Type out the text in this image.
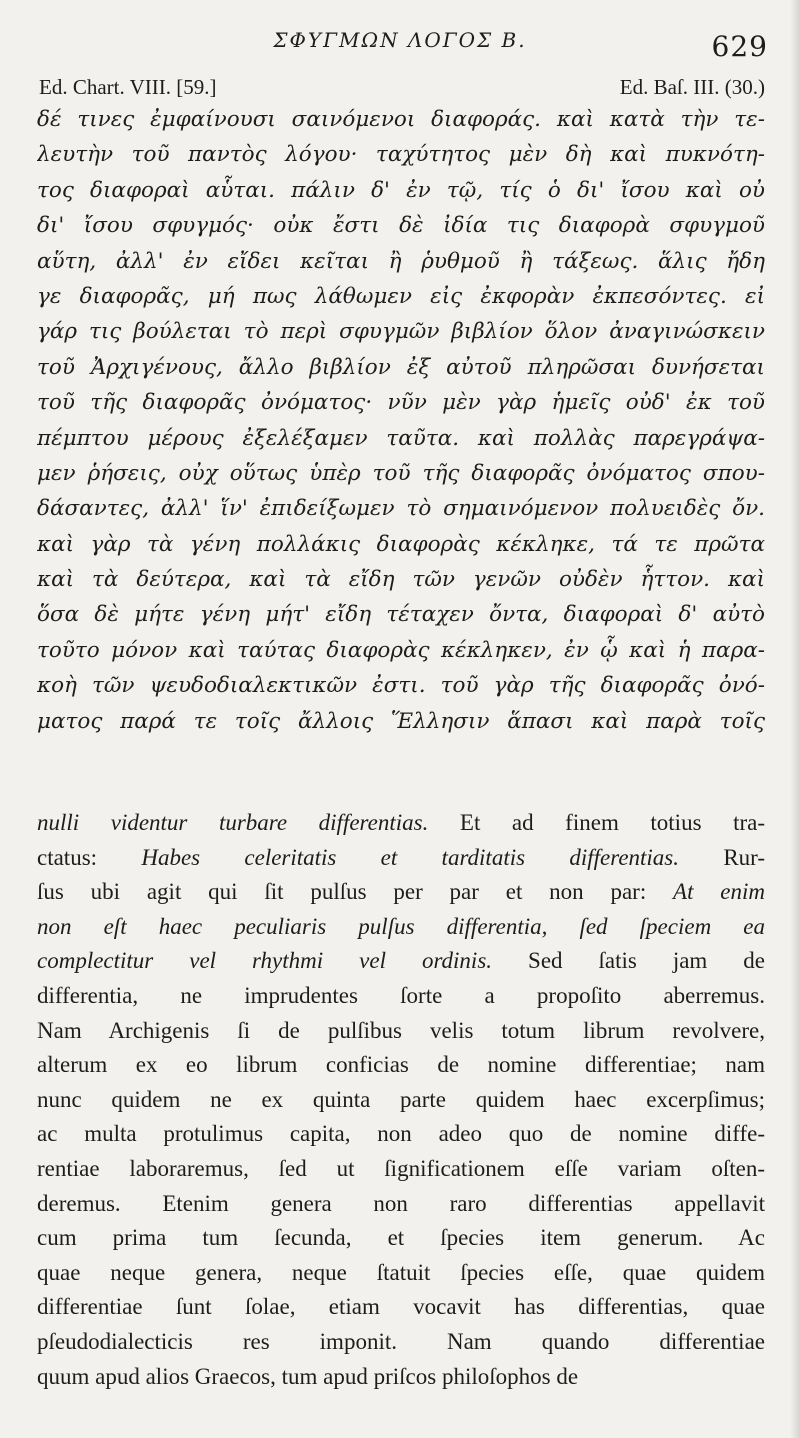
ΣΦΥΓΜΩΝ ΛΟΓΟΣ Β.	629
Ed. Chart. VIII. [59.]	Ed. Baſ. III. (30.)
δέ τινες ἐμφαίνουσι σαινόμενοι διαφοράς. καὶ κατὰ τὴν τε-
λευτὴν τοῦ παντὸς λόγου· ταχύτητος μὲν δὴ καὶ πυκνότη-
τος διαφοραὶ αὗται. πάλιν δ' ἐν τῷ, τίς ὁ δι' ἴσου καὶ οὐ
δι' ἴσου σφυγμός· οὐκ ἔστι δὲ ἰδία τις διαφορὰ σφυγμοῦ
αὕτη, ἀλλ' ἐν εἴδει κεῖται ἢ ῥυθμοῦ ἢ τάξεως. ἅλις ἤδη
γε διαφορᾶς, μή πως λάθωμεν εἰς ἐκφορὰν ἐκπεσόντες. εἰ
γάρ τις βούλεται τὸ περὶ σφυγμῶν βιβλίον ὅλον ἀναγινώσκειν
τοῦ Ἀρχιγένους, ἄλλο βιβλίον ἐξ αὐτοῦ πληρῶσαι δυνήσεται
τοῦ τῆς διαφορᾶς ὀνόματος· νῦν μὲν γὰρ ἡμεῖς οὐδ' ἐκ τοῦ
πέμπτου μέρους ἐξελέξαμεν ταῦτα. καὶ πολλὰς παρεγράψα-
μεν ῥήσεις, οὐχ οὕτως ὑπὲρ τοῦ τῆς διαφορᾶς ὀνόματος σπου-
δάσαντες, ἀλλ' ἵν' ἐπιδείξωμεν τὸ σημαινόμενον πολυειδὲς ὄν.
καὶ γὰρ τὰ γένη πολλάκις διαφορὰς κέκληκε, τά τε πρῶτα
καὶ τὰ δεύτερα, καὶ τὰ εἴδη τῶν γενῶν οὐδὲν ἧττον. καὶ
ὅσα δὲ μήτε γένη μήτ' εἴδη τέταχεν ὄντα, διαφοραὶ δ' αὐτὸ
τοῦτο μόνον καὶ ταύτας διαφορὰς κέκληκεν, ἐν ᾧ καὶ ἡ παρα-
κοὴ τῶν ψευδοδιαλεκτικῶν ἐστι. τοῦ γὰρ τῆς διαφορᾶς ὀνό-
ματος παρά τε τοῖς ἄλλοις Ἕλλησιν ἅπασι καὶ παρὰ τοῖς
nulli videntur turbare differentias. Et ad finem totius tra-
ctatus: Habes celeritatis et tarditatis differentias. Rur-
ſus ubi agit qui ſit pulſus per par et non par: At enim
non eſt haec peculiaris pulſus differentia, ſed ſpeciem ea
complectitur vel rhythmi vel ordinis. Sed ſatis jam de
differentia, ne imprudentes ſorte a propoſito aberremus.
Nam Archigenis ſi de pulſibus velis totum librum revolvere,
alterum ex eo librum conficias de nomine differentiae; nam
nunc quidem ne ex quinta parte quidem haec excerpſimus;
ac multa protulimus capita, non adeo quo de nomine diffe-
rentiae laboraremus, ſed ut ſignificationem eſſe variam oſten-
deremus. Etenim genera non raro differentias appellavit
cum prima tum ſecunda, et ſpecies item generum. Ac
quae neque genera, neque ſtatuit ſpecies eſſe, quae quidem
differentiae ſunt ſolae, etiam vocavit has differentias, quae
pſeudodialecticis res imponit. Nam quando differentiae
quum apud alios Graecos, tum apud priſcos philoſophos de
